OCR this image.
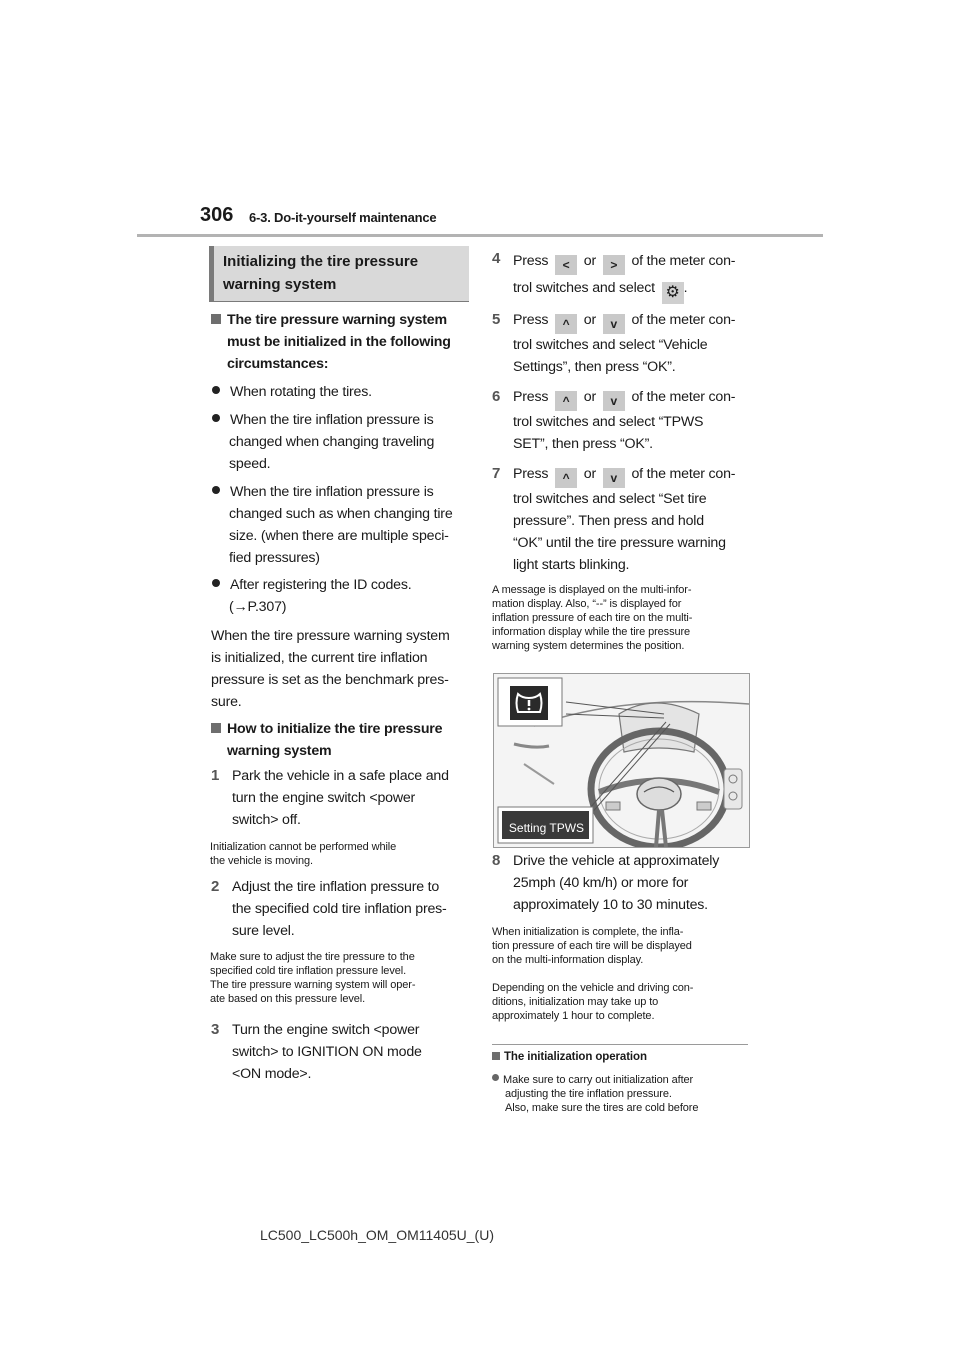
306 6-3. Do-it-yourself maintenance
Initializing the tire pressure
warning system
The tire pressure warning system
must be initialized in the following
circumstances:
When rotating the tires.
When the tire inflation pressure is
changed when changing traveling
speed.
When the tire inflation pressure is
changed such as when changing tire
size. (when there are multiple speci-
fied pressures)
After registering the ID codes.
(→P.307)
When the tire pressure warning system
is initialized, the current tire inflation
pressure is set as the benchmark pres-
sure.
How to initialize the tire pressure
warning system
1 Park the vehicle in a safe place and
turn the engine switch <power
switch> off.
Initialization cannot be performed while
the vehicle is moving.
2 Adjust the tire inflation pressure to
the specified cold tire inflation pres-
sure level.
Make sure to adjust the tire pressure to the
specified cold tire inflation pressure level.
The tire pressure warning system will oper-
ate based on this pressure level.
3 Turn the engine switch <power
switch> to IGNITION ON mode
<ON mode>.
4 Press < or > of the meter con-
trol switches and select ⚙ .
5 Press ^ or v of the meter con-
trol switches and select “Vehicle
Settings”, then press “OK”.
6 Press ^ or v of the meter con-
trol switches and select “TPWS
SET”, then press “OK”.
7 Press ^ or v of the meter con-
trol switches and select “Set tire
pressure”. Then press and hold
“OK” until the tire pressure warning
light starts blinking.
A message is displayed on the multi-infor-
mation display. Also, “--” is displayed for
inflation pressure of each tire on the multi-
information display while the tire pressure
warning system determines the position.
Setting TPWS
8 Drive the vehicle at approximately
25mph (40 km/h) or more for
approximately 10 to 30 minutes.
When initialization is complete, the infla-
tion pressure of each tire will be displayed
on the multi-information display.
Depending on the vehicle and driving con-
ditions, initialization may take up to
approximately 1 hour to complete.
The initialization operation
Make sure to carry out initialization after
adjusting the tire inflation pressure.
Also, make sure the tires are cold before
LC500_LC500h_OM_OM11405U_(U)
